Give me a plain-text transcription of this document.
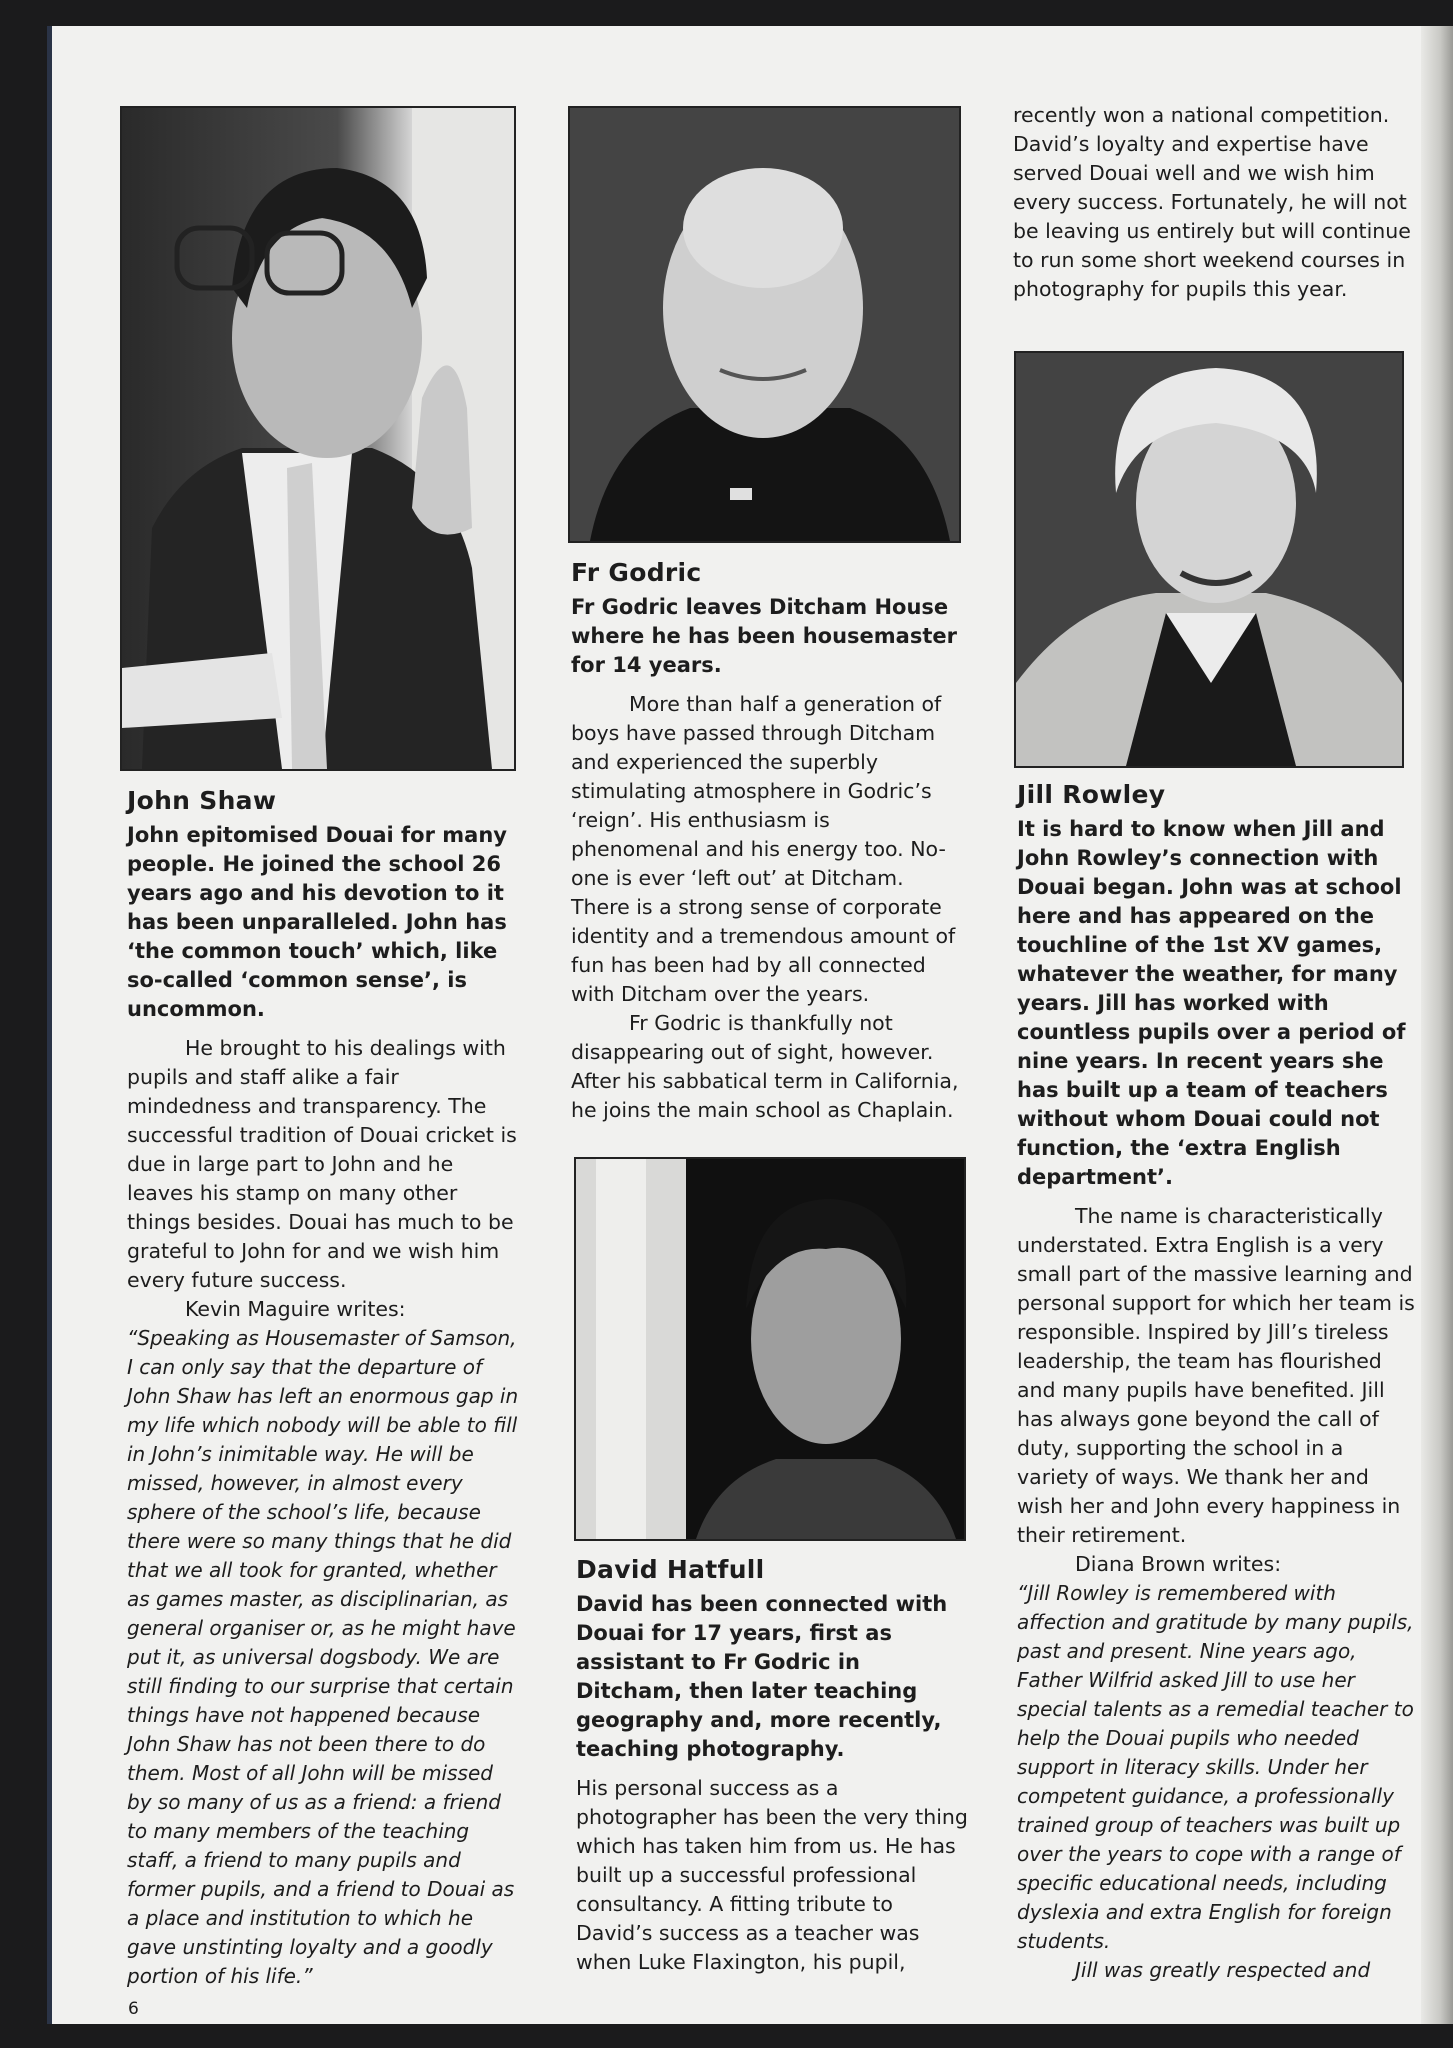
John Shaw

John epitomised Douai for many people. He joined the school 26 years ago and his devotion to it has been unparalleled. John has ‘the common touch’ which, like so-called ‘common sense’, is uncommon.

He brought to his dealings with pupils and staff alike a fair mindedness and transparency. The successful tradition of Douai cricket is due in large part to John and he leaves his stamp on many other things besides. Douai has much to be grateful to John for and we wish him every future success.

Kevin Maguire writes:

“Speaking as Housemaster of Samson, I can only say that the departure of John Shaw has left an enormous gap in my life which nobody will be able to fill in John’s inimitable way. He will be missed, however, in almost every sphere of the school’s life, because there were so many things that he did that we all took for granted, whether as games master, as disciplinarian, as general organiser or, as he might have put it, as universal dogsbody. We are still finding to our surprise that certain things have not happened because John Shaw has not been there to do them. Most of all John will be missed by so many of us as a friend: a friend to many members of the teaching staff, a friend to many pupils and former pupils, and a friend to Douai as a place and institution to which he gave unstinting loyalty and a goodly portion of his life.”

Fr Godric

Fr Godric leaves Ditcham House where he has been housemaster for 14 years.

More than half a generation of boys have passed through Ditcham and experienced the superbly stimulating atmosphere in Godric’s ‘reign’. His enthusiasm is phenomenal and his energy too. No-one is ever ‘left out’ at Ditcham. There is a strong sense of corporate identity and a tremendous amount of fun has been had by all connected with Ditcham over the years.

Fr Godric is thankfully not disappearing out of sight, however. After his sabbatical term in California, he joins the main school as Chaplain.

David Hatfull

David has been connected with Douai for 17 years, first as assistant to Fr Godric in Ditcham, then later teaching geography and, more recently, teaching photography.

His personal success as a photographer has been the very thing which has taken him from us. He has built up a successful professional consultancy. A fitting tribute to David’s success as a teacher was when Luke Flaxington, his pupil,

recently won a national competition. David’s loyalty and expertise have served Douai well and we wish him every success. Fortunately, he will not be leaving us entirely but will continue to run some short weekend courses in photography for pupils this year.

Jill Rowley

It is hard to know when Jill and John Rowley’s connection with Douai began. John was at school here and has appeared on the touchline of the 1st XV games, whatever the weather, for many years. Jill has worked with countless pupils over a period of nine years. In recent years she has built up a team of teachers without whom Douai could not function, the ‘extra English department’.

The name is characteristically understated. Extra English is a very small part of the massive learning and personal support for which her team is responsible. Inspired by Jill’s tireless leadership, the team has flourished and many pupils have benefited. Jill has always gone beyond the call of duty, supporting the school in a variety of ways. We thank her and wish her and John every happiness in their retirement.

Diana Brown writes:

“Jill Rowley is remembered with affection and gratitude by many pupils, past and present. Nine years ago, Father Wilfrid asked Jill to use her special talents as a remedial teacher to help the Douai pupils who needed support in literacy skills. Under her competent guidance, a professionally trained group of teachers was built up over the years to cope with a range of specific educational needs, including dyslexia and extra English for foreign students.

Jill was greatly respected and

6
